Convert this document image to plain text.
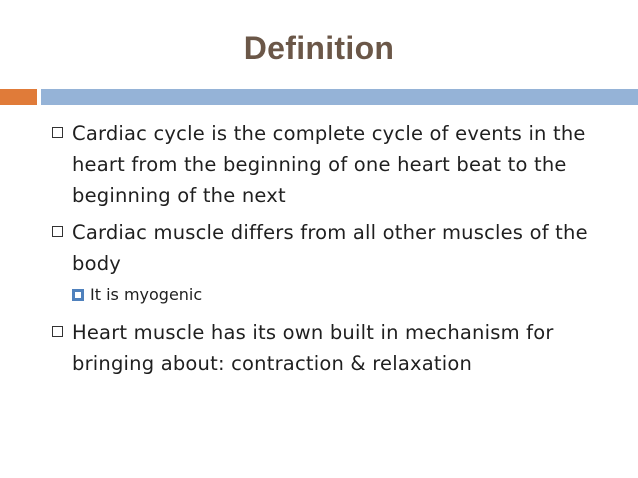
Definition
Cardiac cycle is the complete cycle of events in the heart from the beginning of one heart beat to the beginning of the next
Cardiac muscle differs from all other muscles of the body
It is myogenic
Heart muscle has its own built in mechanism for bringing about: contraction & relaxation
